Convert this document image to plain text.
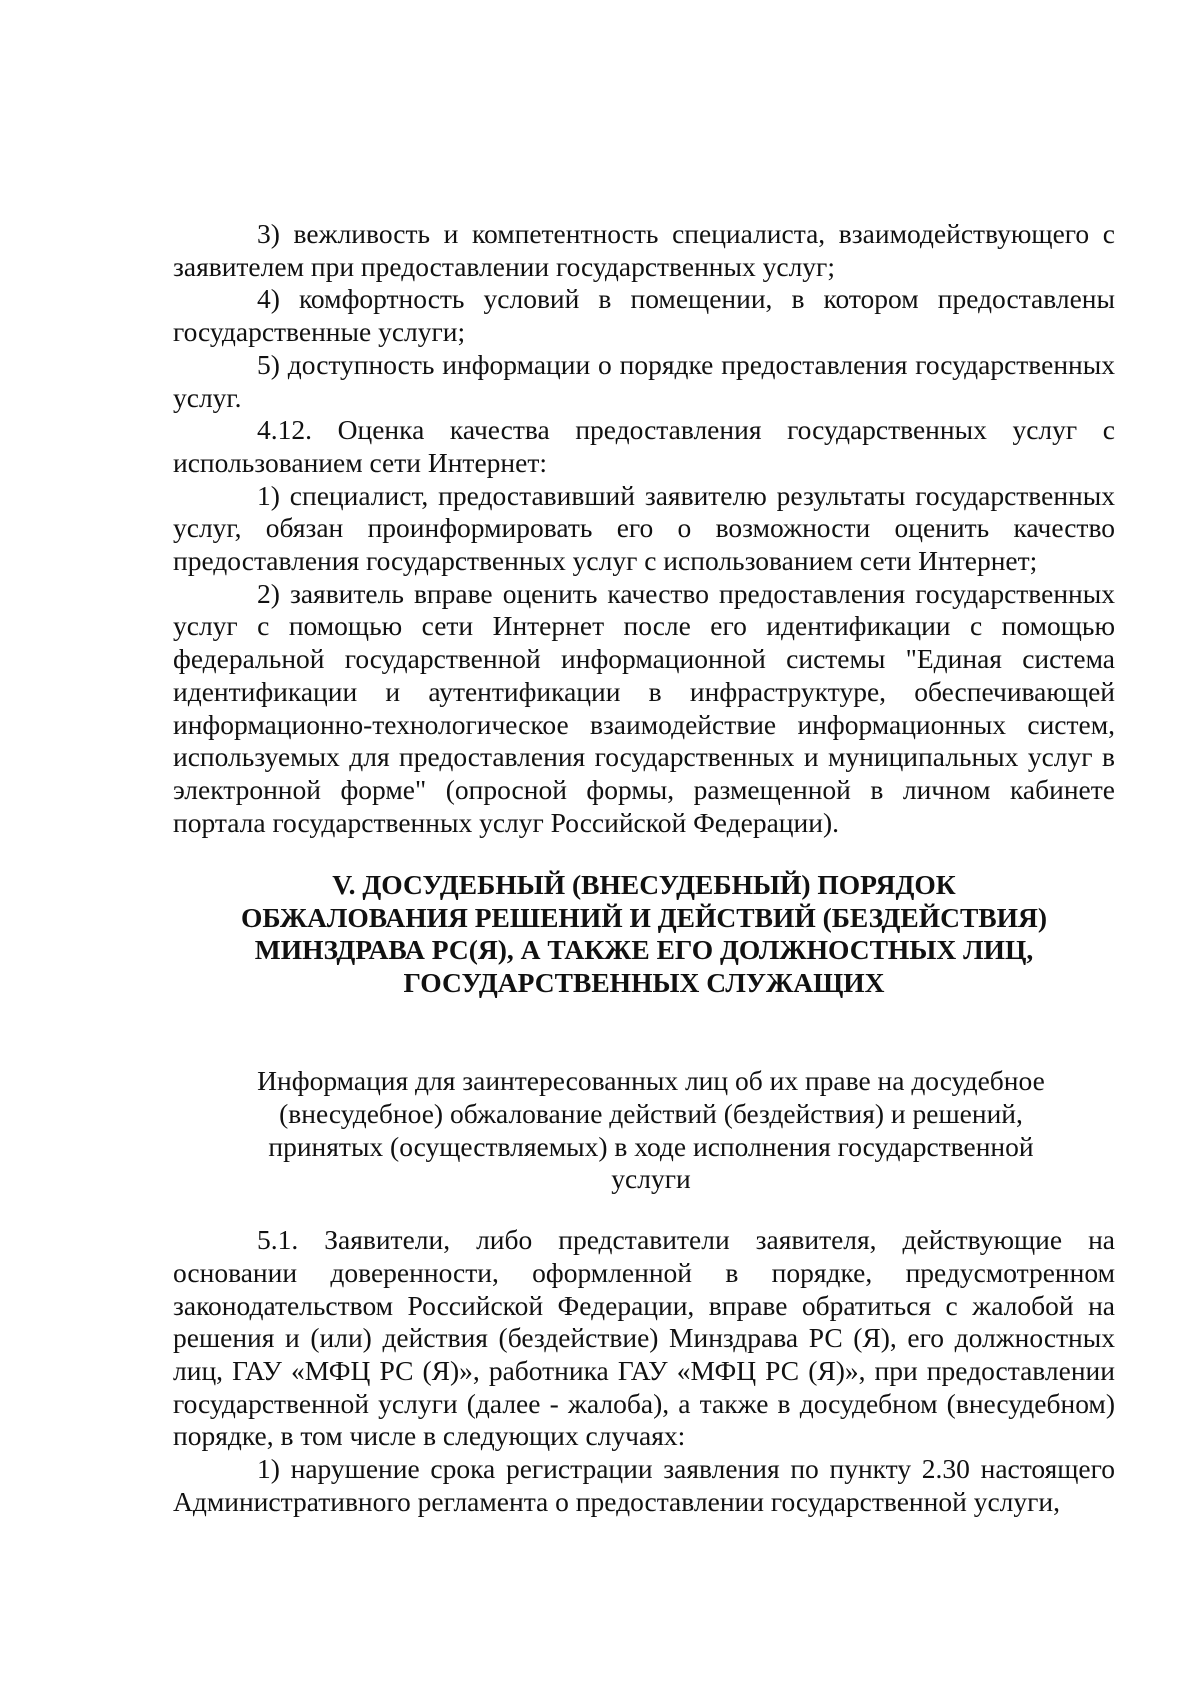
3) вежливость и компетентность специалиста, взаимодействующего с заявителем при предоставлении государственных услуг;

4) комфортность условий в помещении, в котором предоставлены государственные услуги;

5) доступность информации о порядке предоставления государственных услуг.

4.12. Оценка качества предоставления государственных услуг с использованием сети Интернет:

1) специалист, предоставивший заявителю результаты государственных услуг, обязан проинформировать его о возможности оценить качество предоставления государственных услуг с использованием сети Интернет;

2) заявитель вправе оценить качество предоставления государственных услуг с помощью сети Интернет после его идентификации с помощью федеральной государственной информационной системы "Единая система идентификации и аутентификации в инфраструктуре, обеспечивающей информационно-технологическое взаимодействие информационных систем, используемых для предоставления государственных и муниципальных услуг в электронной форме" (опросной формы, размещенной в личном кабинете портала государственных услуг Российской Федерации).

V. ДОСУДЕБНЫЙ (ВНЕСУДЕБНЫЙ) ПОРЯДОК
ОБЖАЛОВАНИЯ РЕШЕНИЙ И ДЕЙСТВИЙ (БЕЗДЕЙСТВИЯ)
МИНЗДРАВА РС(Я), А ТАКЖЕ ЕГО ДОЛЖНОСТНЫХ ЛИЦ,
ГОСУДАРСТВЕННЫХ СЛУЖАЩИХ

Информация для заинтересованных лиц об их праве на досудебное (внесудебное) обжалование действий (бездействия) и решений, принятых (осуществляемых) в ходе исполнения государственной услуги

5.1. Заявители, либо представители заявителя, действующие на основании доверенности, оформленной в порядке, предусмотренном законодательством Российской Федерации, вправе обратиться с жалобой на решения и (или) действия (бездействие) Минздрава РС (Я), его должностных лиц, ГАУ «МФЦ РС (Я)», работника ГАУ «МФЦ РС (Я)», при предоставлении государственной услуги (далее - жалоба), а также в досудебном (внесудебном) порядке, в том числе в следующих случаях:

1) нарушение срока регистрации заявления по пункту 2.30 настоящего Административного регламента о предоставлении государственной услуги,
